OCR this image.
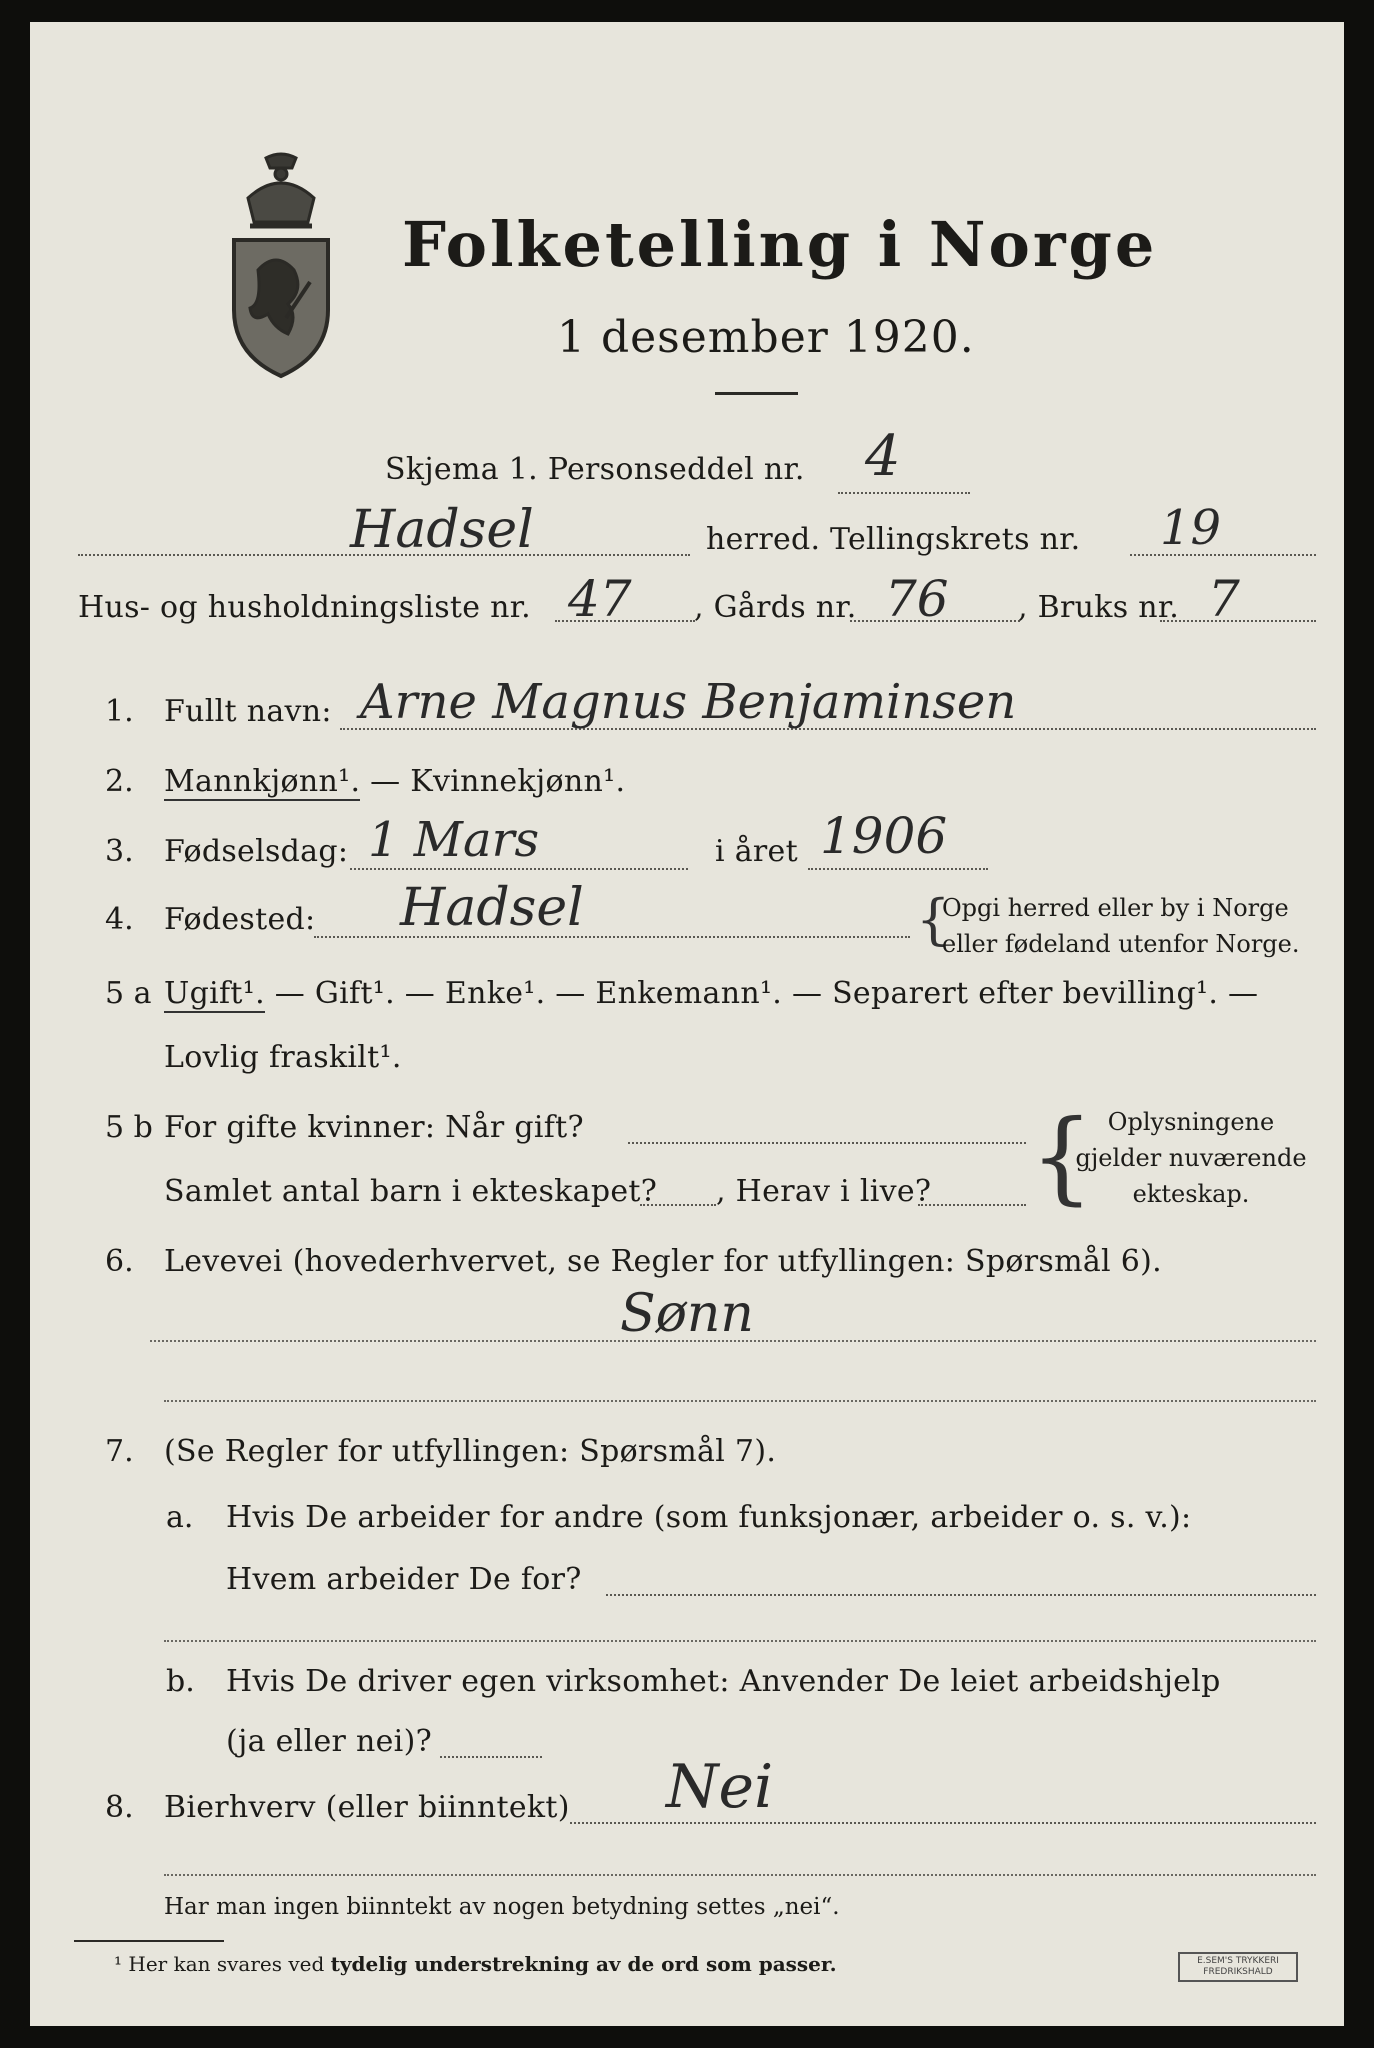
Folketelling i Norge
1 desember 1920.
Skjema 1. Personseddel nr. 4
Hadsel	herred. Tellingskrets nr. 19
Hus- og husholdningsliste nr. 47 , Gårds nr. 76 , Bruks nr. 7
1. Fullt navn: Arne Magnus Benjaminsen
2. Mannkjønn¹. — Kvinnekjønn¹.
3. Fødselsdag: 1 Mars	i året 1906
4. Fødested: Hadsel	{
Opgi herred eller by i Norge
eller fødeland utenfor Norge.
5 a Ugift¹. — Gift¹. — Enke¹. — Enkemann¹. — Separert efter bevilling¹. —
Lovlig fraskilt¹.
5 b For gifte kvinner: Når gift?
Samlet antal barn i ekteskapet? , Herav i live? { Oplysningene
gjelder nuværende
ekteskap.
6. Levevei (hovederhvervet, se Regler for utfyllingen: Spørsmål 6).
Sønn
7. (Se Regler for utfyllingen: Spørsmål 7).
a. Hvis De arbeider for andre (som funksjonær, arbeider o. s. v.):
Hvem arbeider De for?
b. Hvis De driver egen virksomhet: Anvender De leiet arbeidshjelp
(ja eller nei)?
8. Bierhverv (eller biinntekt) Nei
Har man ingen biinntekt av nogen betydning settes „nei“.
¹ Her kan svares ved tydelig understrekning av de ord som passer.	E.SEM'S TRYKKERI
FREDRIKSHALD
